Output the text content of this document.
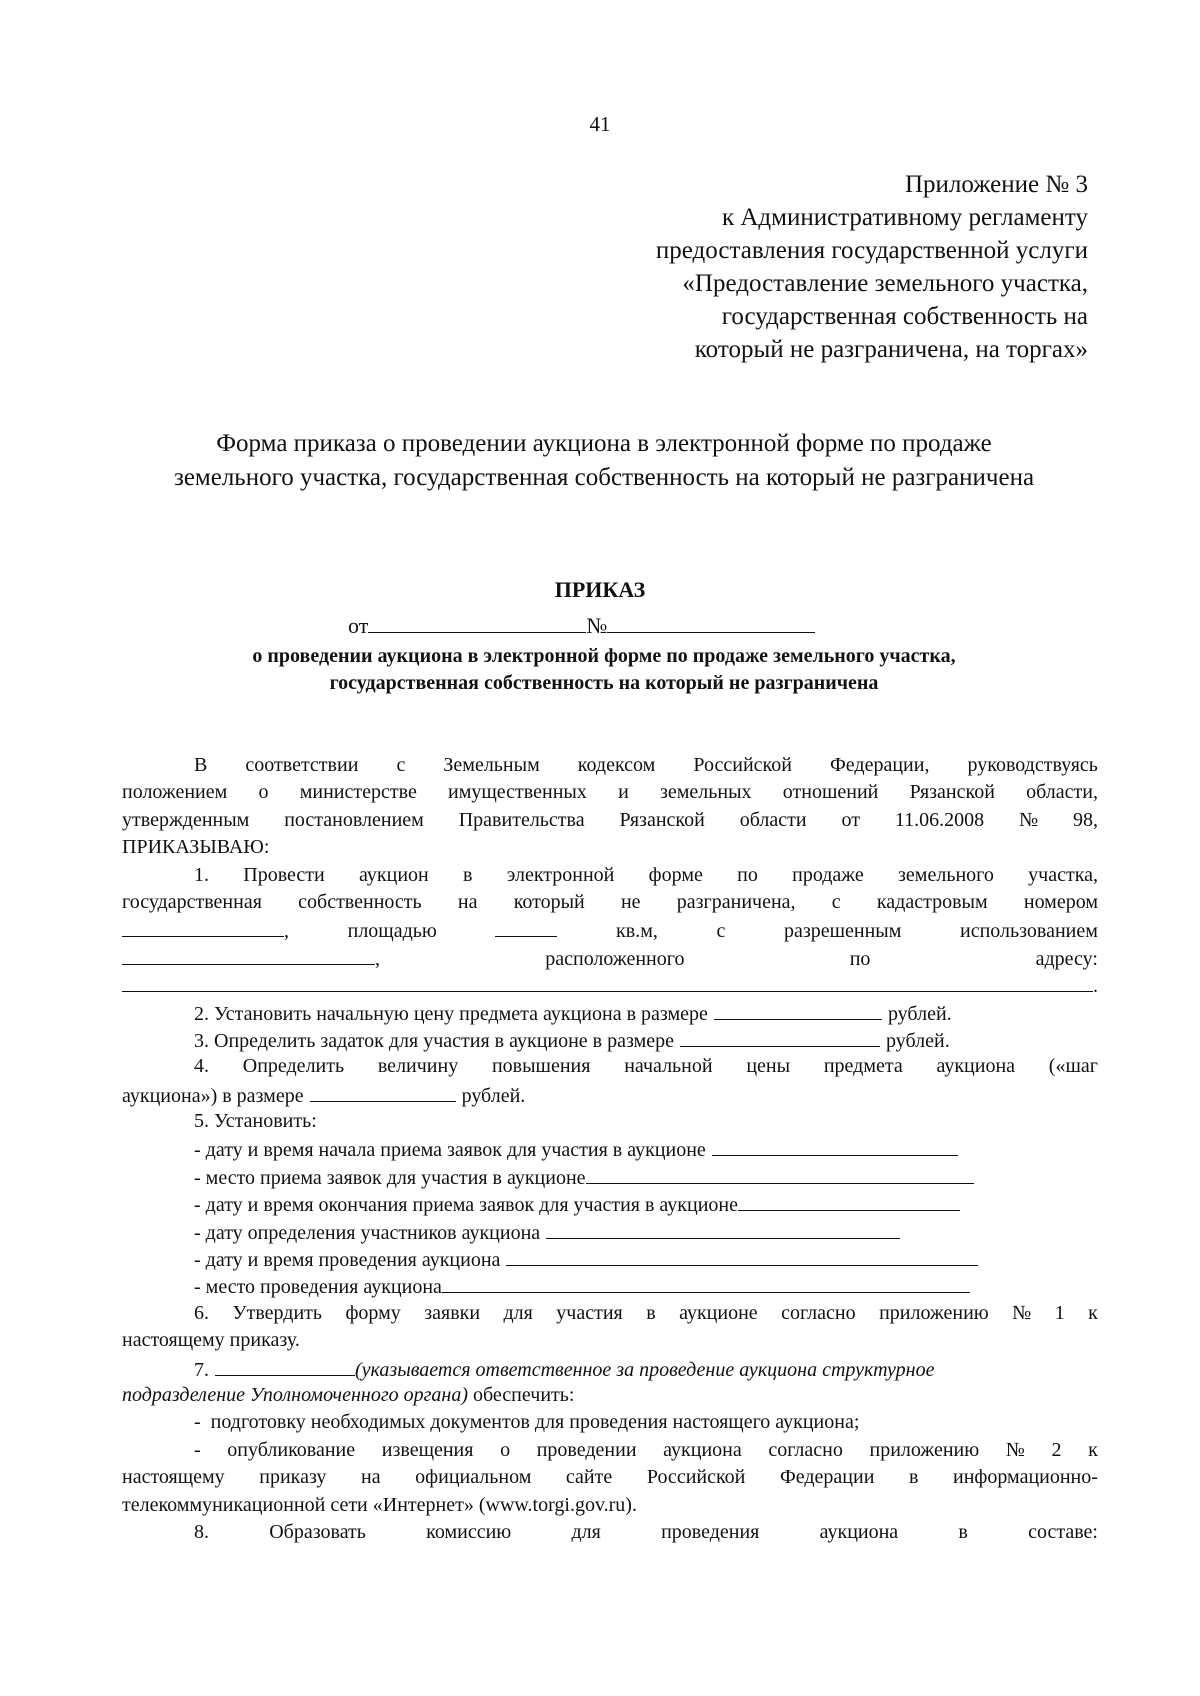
41
Приложение № 3
к Административному регламенту
предоставления государственной услуги
«Предоставление земельного участка,
государственная собственность на
который не разграничена, на торгах»
Форма приказа о проведении аукциона в электронной форме по продаже
земельного участка, государственная собственность на который не разграничена
ПРИКАЗ
от	№
о проведении аукциона в электронной форме по продаже земельного участка,
государственная собственность на который не разграничена
В соответствии с Земельным кодексом Российской Федерации, руководствуясь
положением о министерстве имущественных и земельных отношений Рязанской области,
утвержденным постановлением Правительства Рязанской области от 11.06.2008 № 98,
ПРИКАЗЫВАЮ:
1. Провести аукцион в электронной форме по продаже земельного участка,
государственная собственность на который не разграничена, с кадастровым номером
,	площадью	кв.м,	с	разрешенным	использованием
,	расположенного	по	адресу:
.
2. Установить начальную цену предмета аукциона в размере	рублей.
3. Определить задаток для участия в аукционе в размере	рублей.
4. Определить величину повышения начальной цены предмета аукциона («шаг
аукциона») в размере	рублей.
5. Установить:
- дату и время начала приема заявок для участия в аукционе
- место приема заявок для участия в аукционе
- дату и время окончания приема заявок для участия в аукционе
- дату определения участников аукциона
- дату и время проведения аукциона
- место проведения аукциона
6. Утвердить форму заявки для участия в аукционе согласно приложению № 1 к
настоящему приказу.
7.	(указывается ответственное за проведение аукциона структурное
подразделение Уполномоченного органа) обеспечить:
-  подготовку необходимых документов для проведения настоящего аукциона;
- опубликование извещения о проведении аукциона согласно приложению № 2 к
настоящему приказу на официальном сайте Российской Федерации в информационно-
телекоммуникационной сети «Интернет» (www.torgi.gov.ru).
8.	Образовать	комиссию	для	проведения	аукциона	в	составе:
